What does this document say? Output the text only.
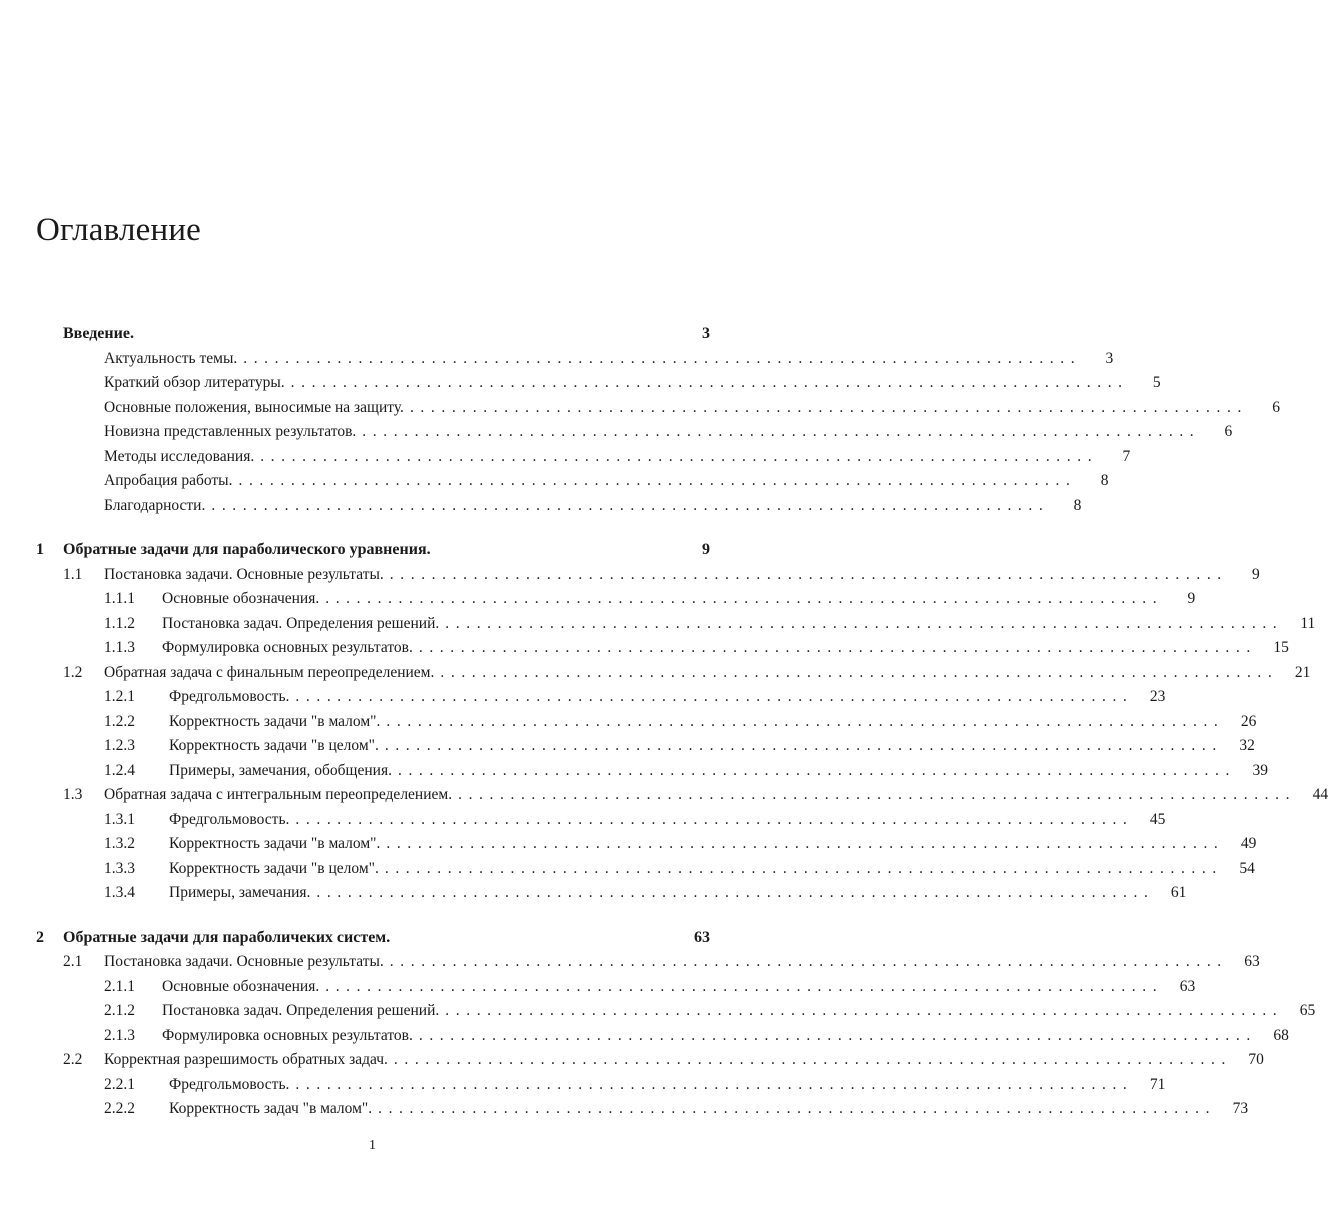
Оглавление
Введение.	3
Актуальность темы. ................................................................................	3
Краткий обзор литературы. ................................................................................	5
Основные положения, выносимые на защиту. ................................................................................	6
Новизна представленных результатов. ................................................................................	6
Методы исследования. ................................................................................	7
Апробация работы. ................................................................................	8
Благодарности. ................................................................................	8
1 Обратные задачи для параболического уравнения.	9
1.1 Постановка задачи. Основные результаты. ................................................................................	9
1.1.1 Основные обозначения. ................................................................................	9
1.1.2 Постановка задач. Определения решений. ................................................................................	11
1.1.3 Формулировка основных результатов. ................................................................................	15
1.2 Обратная задача с финальным переопределением. ................................................................................	21
1.2.1 Фредгольмовость. ................................................................................	23
1.2.2 Корректность задачи "в малом". ................................................................................	26
1.2.3 Корректность задачи "в целом". ................................................................................	32
1.2.4 Примеры, замечания, обобщения. ................................................................................	39
1.3 Обратная задача с интегральным переопределением. ................................................................................	44
1.3.1 Фредгольмовость. ................................................................................	45
1.3.2 Корректность задачи "в малом". ................................................................................	49
1.3.3 Корректность задачи "в целом". ................................................................................	54
1.3.4 Примеры, замечания. ................................................................................	61
2 Обратные задачи для параболичеких систем.	63
2.1 Постановка задачи. Основные результаты. ................................................................................	63
2.1.1 Основные обозначения. ................................................................................	63
2.1.2 Постановка задач. Определения решений. ................................................................................	65
2.1.3 Формулировка основных результатов. ................................................................................	68
2.2 Корректная разрешимость обратных задач. ................................................................................	70
2.2.1 Фредгольмовость. ................................................................................	71
2.2.2 Корректность задач "в малом". ................................................................................	73
1
